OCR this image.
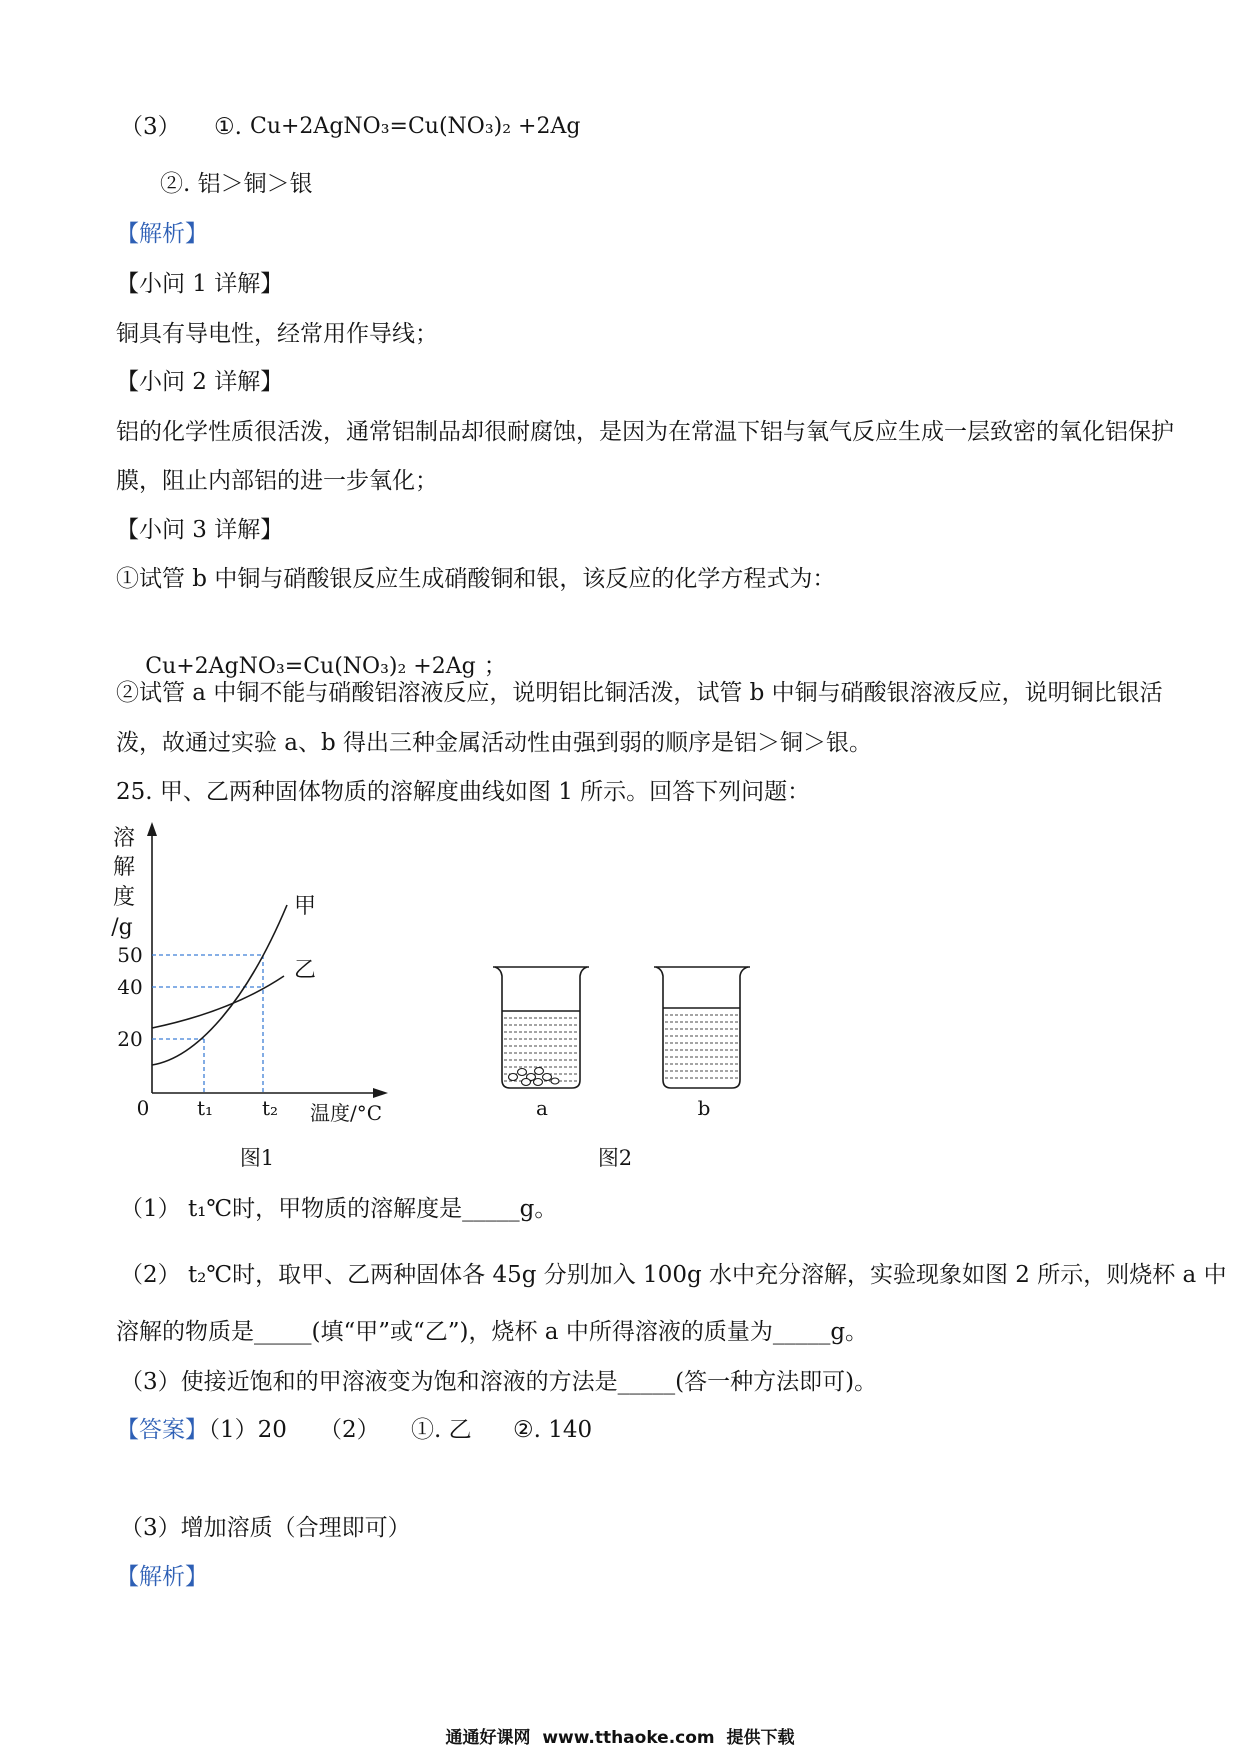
（3） ①. Cu+2AgNO₃=Cu(NO₃)₂ +2Ag
②. 铝＞铜＞银
【解析】
【小问 1 详解】
铜具有导电性，经常用作导线；
【小问 2 详解】
铝的化学性质很活泼，通常铝制品却很耐腐蚀，是因为在常温下铝与氧气反应生成一层致密的氧化铝保护
膜，阻止内部铝的进一步氧化；
【小问 3 详解】
①试管 b 中铜与硝酸银反应生成硝酸铜和银，该反应的化学方程式为：

Cu+2AgNO₃=Cu(NO₃)₂ +2Ag ；

②试管 a 中铜不能与硝酸铝溶液反应，说明铝比铜活泼，试管 b 中铜与硝酸银溶液反应，说明铜比银活
泼，故通过实验 a、b 得出三种金属活动性由强到弱的顺序是铝＞铜＞银。
25. 甲、乙两种固体物质的溶解度曲线如图 1 所示。回答下列问题：
溶
解
度
/g
甲
乙
50
40
20
0 t₁ t₂ 温度/°C
图1
a	b
图2
（1） t₁℃时，甲物质的溶解度是_____g。
（2） t₂℃时，取甲、乙两种固体各 45g 分别加入 100g 水中充分溶解，实验现象如图 2 所示，则烧杯 a 中
溶解的物质是_____(填“甲”或“乙”)，烧杯 a 中所得溶液的质量为_____g。
（3）使接近饱和的甲溶液变为饱和溶液的方法是_____(答一种方法即可)。
【答案】
（1）20 （2） ①. 乙 ②. 140
（3）增加溶质（合理即可）
【解析】
通通好课网  www.tthaoke.com  提供下载
